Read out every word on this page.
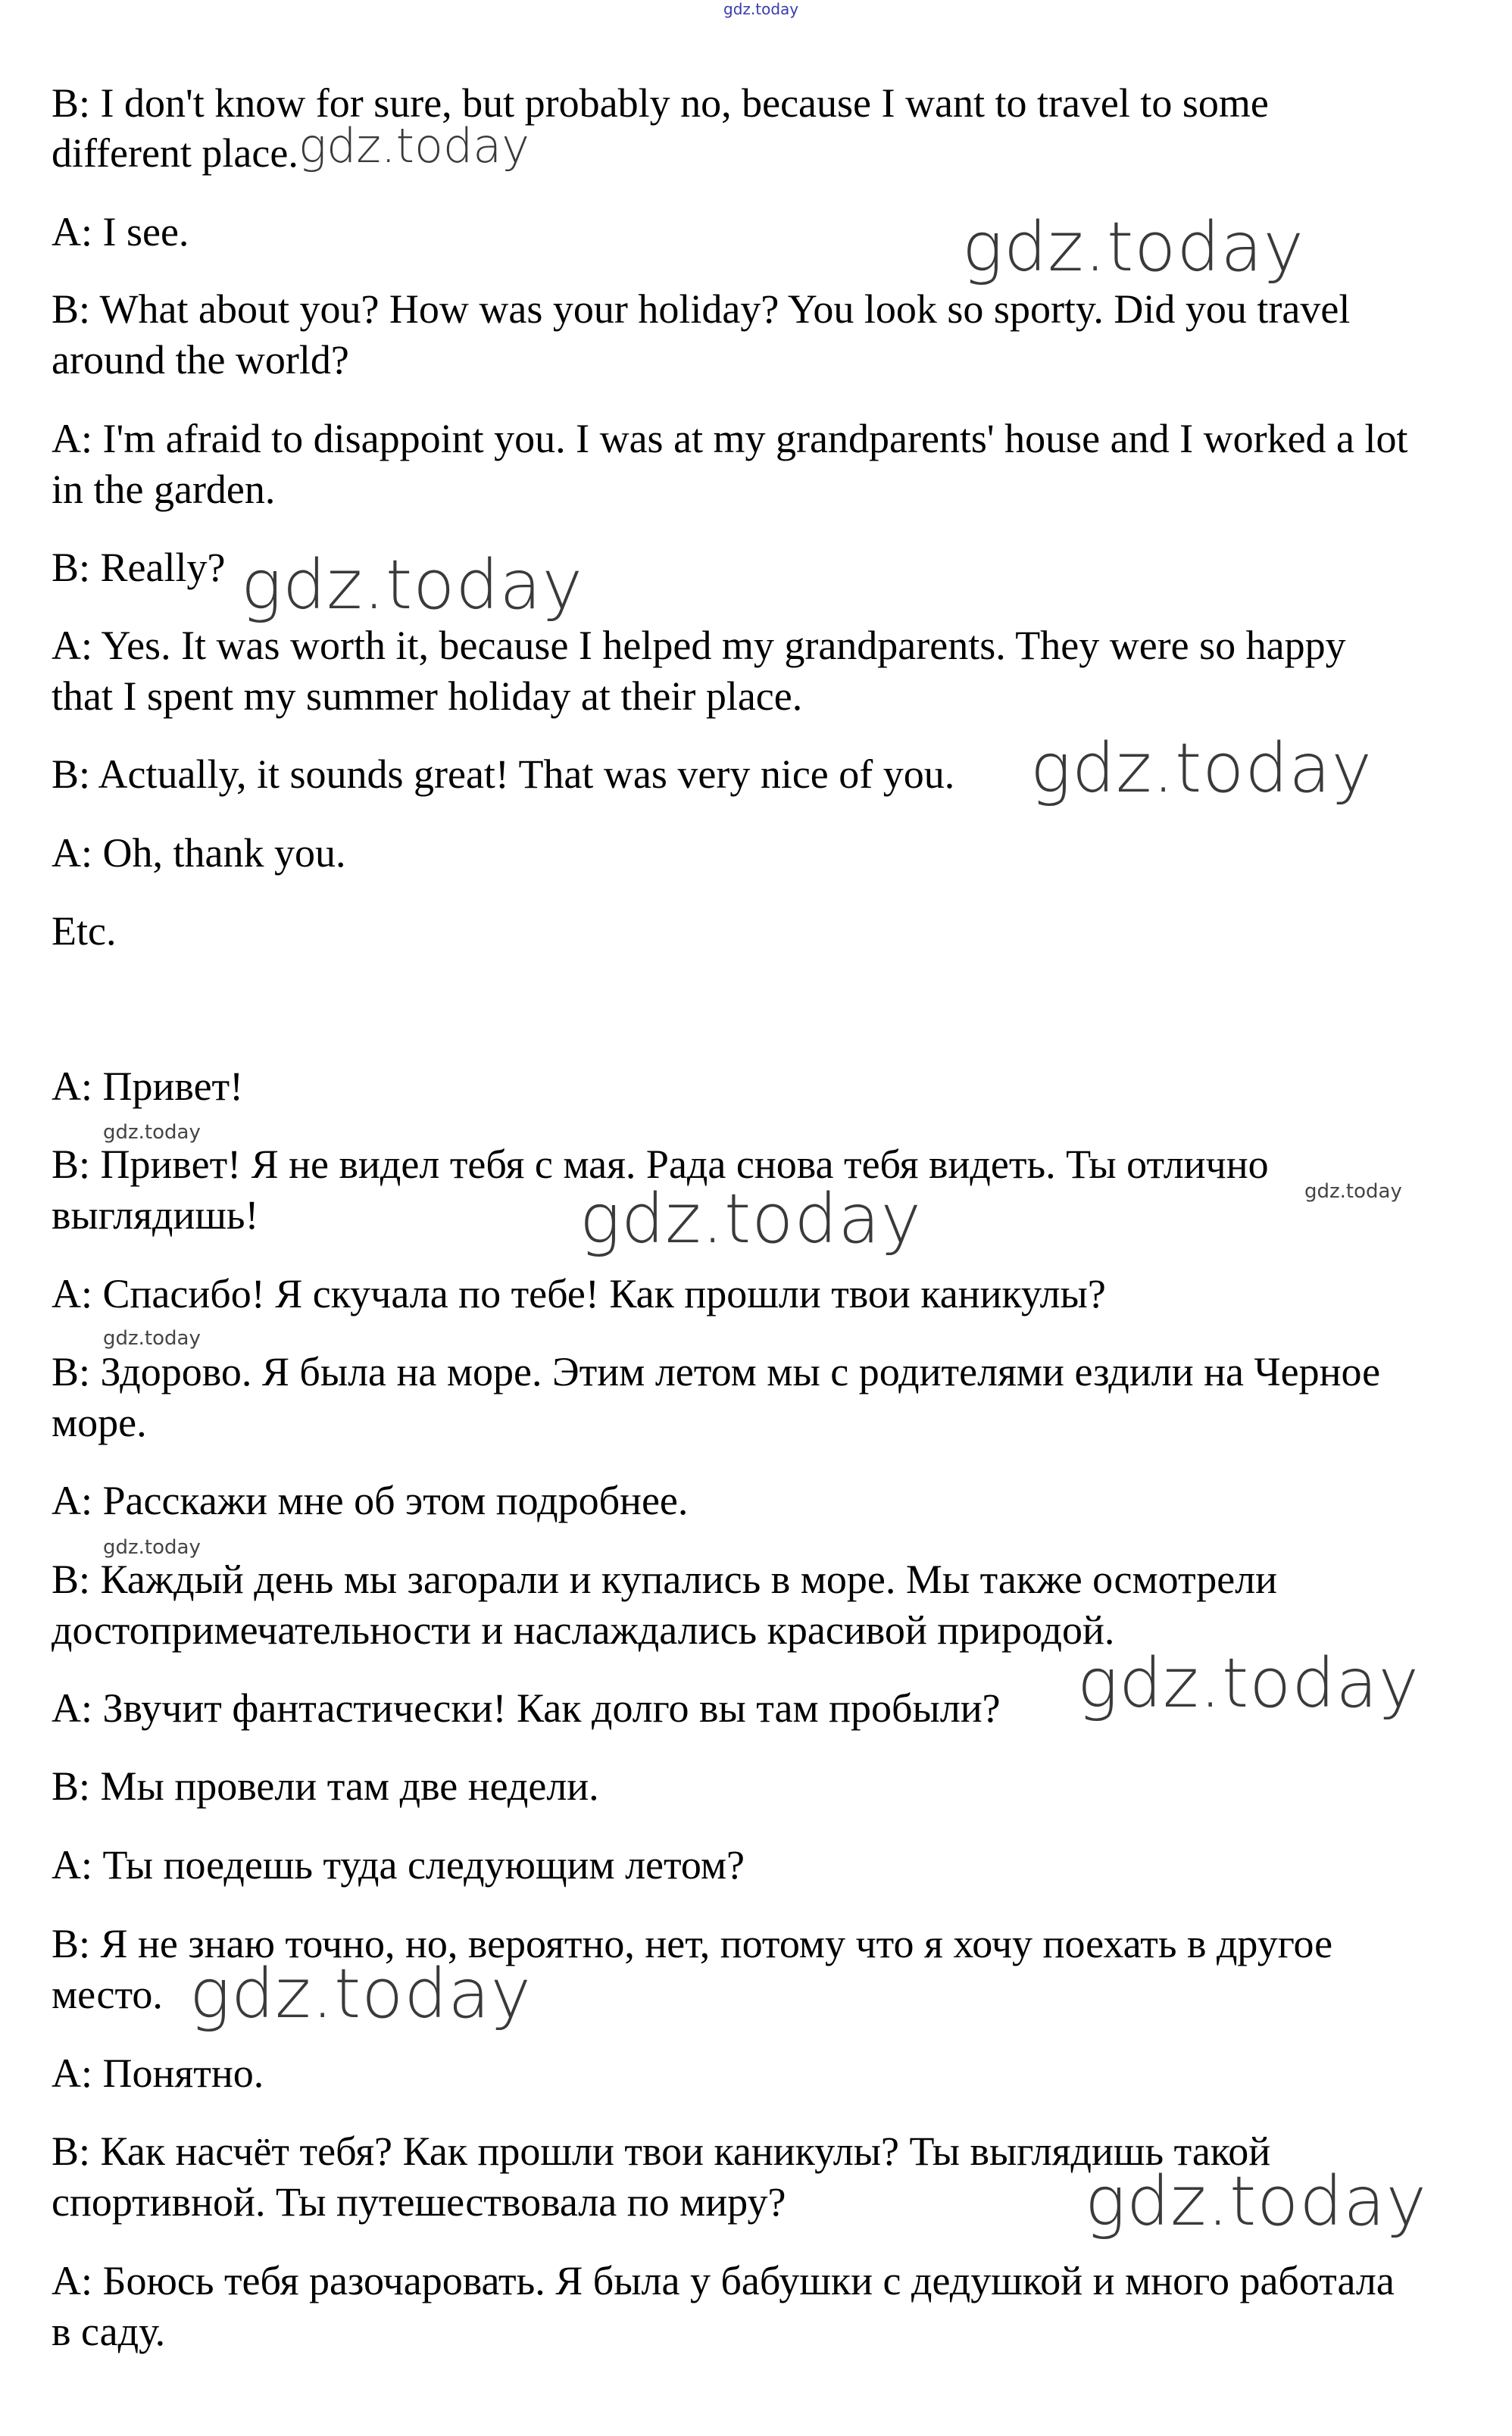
gdz.today

B: I don't know for sure, but probably no, because I want to travel to some

different place.gdz.today

A: I see.	gdz.today

B: What about you? How was your holiday? You look so sporty. Did you travel

around the world?

A: I'm afraid to disappoint you. I was at my grandparents' house and I worked a lot

in the garden.

B: Really? gdz.today

A: Yes. It was worth it, because I helped my grandparents. They were so happy

that I spent my summer holiday at their place.

B: Actually, it sounds great! That was very nice of you. gdz.today

A: Oh, thank you.

Etc.

A: Привет!

gdz.today

B: Привет! Я не видел тебя с мая. Рада снова тебя видеть. Ты отлично

gdz.today

выглядишь!	gdz.today

A: Спасибо! Я скучала по тебе! Как прошли твои каникулы?

gdz.today

B: Здорово. Я была на море. Этим летом мы с родителями ездили на Черное

море.

A: Расскажи мне об этом подробнее.

gdz.today

B: Каждый день мы загорали и купались в море. Мы также осмотрели

достопримечательности и наслаждались красивой природой.

A: Звучит фантастически! Как долго вы там пробыли? gdz.today

B: Мы провели там две недели.

A: Ты поедешь туда следующим летом?

B: Я не знаю точно, но, вероятно, нет, потому что я хочу поехать в другое

место. gdz.today

A: Понятно.

B: Как насчёт тебя? Как прошли твои каникулы? Ты выглядишь такой

спортивной. Ты путешествовала по миру?	gdz.today

A: Боюсь тебя разочаровать. Я была у бабушки с дедушкой и много работала

в саду.
